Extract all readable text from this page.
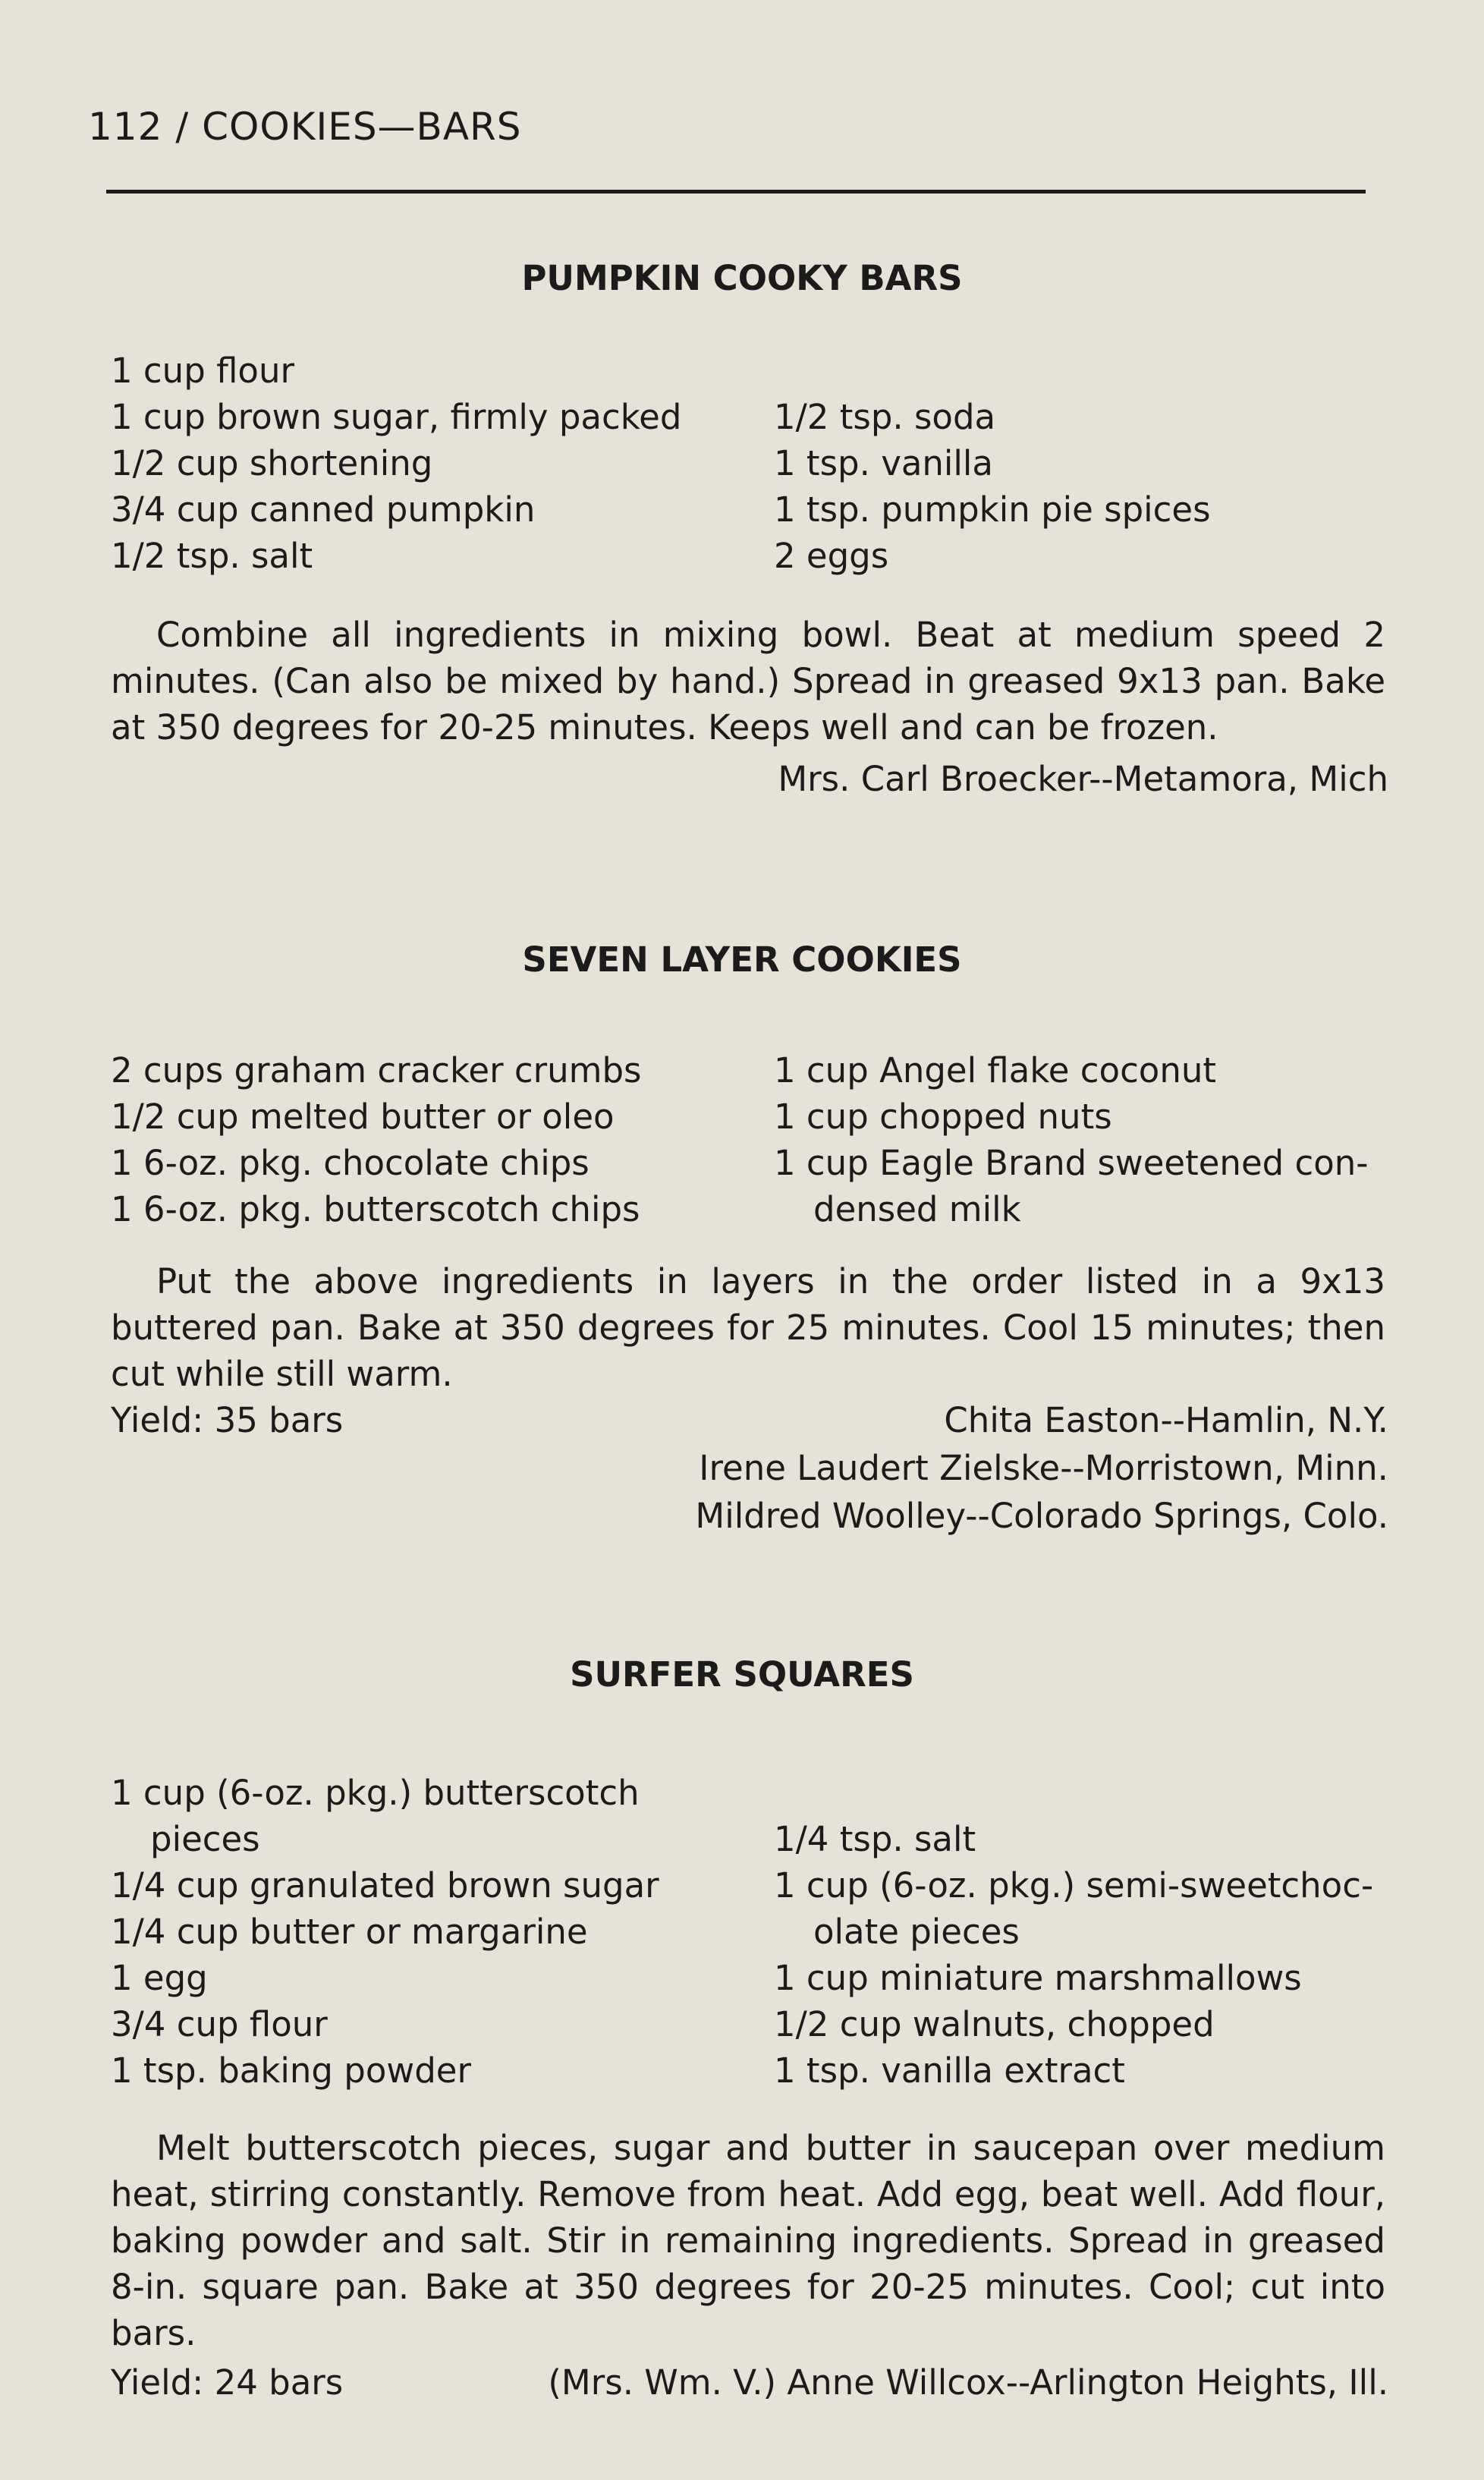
112 / COOKIES—BARS
PUMPKIN COOKY BARS
1 cup flour
1 cup brown sugar, firmly packed
1/2 cup shortening
3/4 cup canned pumpkin
1/2 tsp. salt
1/2 tsp. soda
1 tsp. vanilla
1 tsp. pumpkin pie spices
2 eggs

Combine all ingredients in mixing bowl. Beat at medium speed 2 minutes. (Can also be mixed by hand.) Spread in greased 9x13 pan. Bake at 350 degrees for 20-25 minutes. Keeps well and can be frozen.

Mrs. Carl Broecker--Metamora, Mich
SEVEN LAYER COOKIES
2 cups graham cracker crumbs
1/2 cup melted butter or oleo
1 6-oz. pkg. chocolate chips
1 6-oz. pkg. butterscotch chips
1 cup Angel flake coconut
1 cup chopped nuts
1 cup Eagle Brand sweetened con-
densed milk

Put the above ingredients in layers in the order listed in a 9x13 buttered pan. Bake at 350 degrees for 25 minutes. Cool 15 minutes; then cut while still warm.

Yield: 35 bars	Chita Easton--Hamlin, N.Y.
Irene Laudert Zielske--Morristown, Minn.
Mildred Woolley--Colorado Springs, Colo.
SURFER SQUARES
1 cup (6-oz. pkg.) butterscotch
pieces
1/4 cup granulated brown sugar
1/4 cup butter or margarine
1 egg
3/4 cup flour
1 tsp. baking powder
1/4 tsp. salt
1 cup (6-oz. pkg.) semi-sweetchoc-
olate pieces
1 cup miniature marshmallows
1/2 cup walnuts, chopped
1 tsp. vanilla extract

Melt butterscotch pieces, sugar and butter in saucepan over medium heat, stirring constantly. Remove from heat. Add egg, beat well. Add flour, baking powder and salt. Stir in remaining ingredients. Spread in greased 8-in. square pan. Bake at 350 degrees for 20-25 minutes. Cool; cut into bars.

Yield: 24 bars	(Mrs. Wm. V.) Anne Willcox--Arlington Heights, Ill.
